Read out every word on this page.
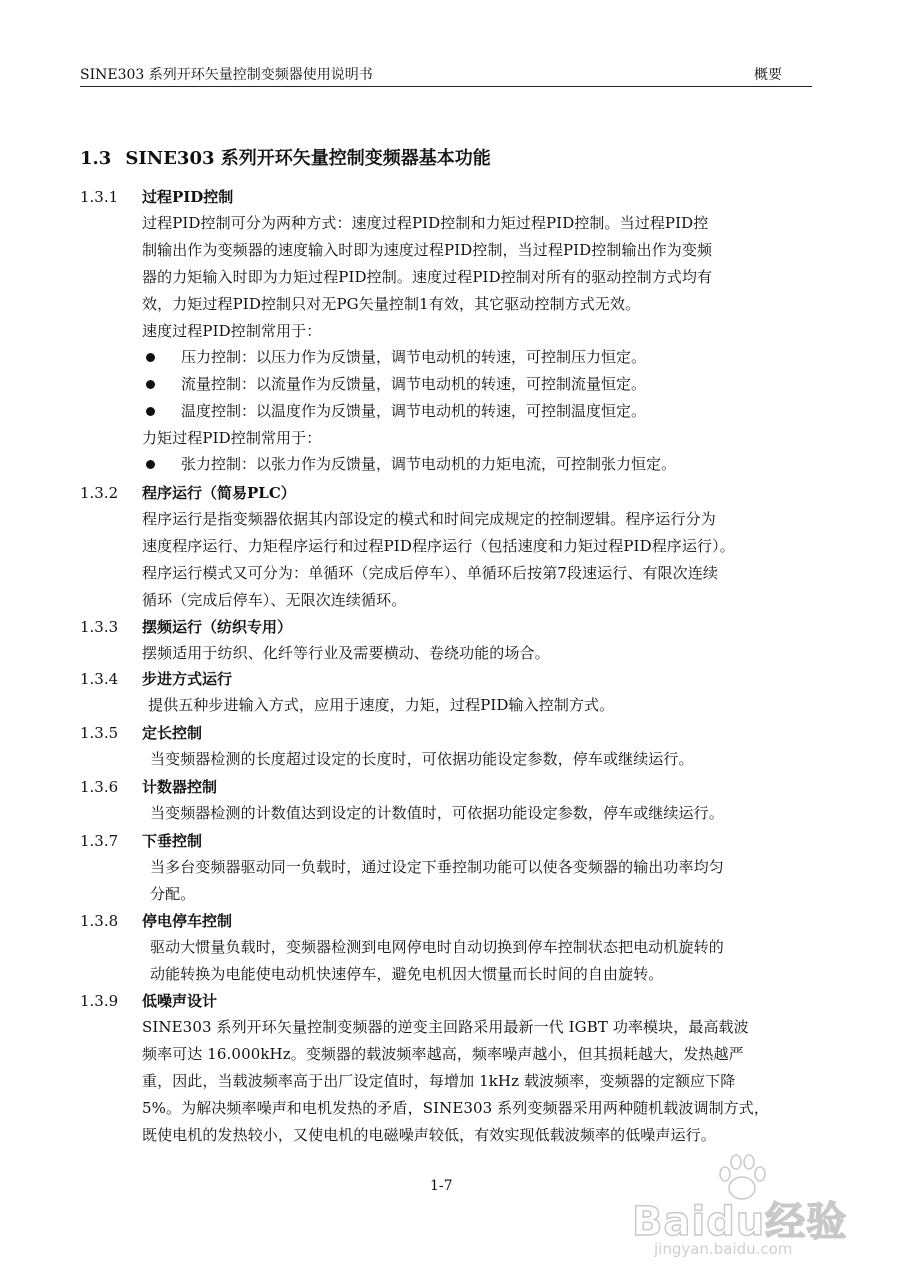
SINE303 系列开环矢量控制变频器使用说明书	概要
1.3 SINE303 系列开环矢量控制变频器基本功能
1.3.1 过程PID控制
过程PID控制可分为两种方式：速度过程PID控制和力矩过程PID控制。当过程PID控
制输出作为变频器的速度输入时即为速度过程PID控制，当过程PID控制输出作为变频
器的力矩输入时即为力矩过程PID控制。速度过程PID控制对所有的驱动控制方式均有
效，力矩过程PID控制只对无PG矢量控制1有效，其它驱动控制方式无效。
速度过程PID控制常用于：
压力控制：以压力作为反馈量，调节电动机的转速，可控制压力恒定。
流量控制：以流量作为反馈量，调节电动机的转速，可控制流量恒定。
温度控制：以温度作为反馈量，调节电动机的转速，可控制温度恒定。
力矩过程PID控制常用于：
张力控制：以张力作为反馈量，调节电动机的力矩电流，可控制张力恒定。
1.3.2 程序运行（简易PLC）
程序运行是指变频器依据其内部设定的模式和时间完成规定的控制逻辑。程序运行分为
速度程序运行、力矩程序运行和过程PID程序运行（包括速度和力矩过程PID程序运行）。
程序运行模式又可分为：单循环（完成后停车）、单循环后按第7段速运行、有限次连续
循环（完成后停车）、无限次连续循环。
1.3.3 摆频运行（纺织专用）
摆频适用于纺织、化纤等行业及需要横动、卷绕功能的场合。
1.3.4 步进方式运行
提供五种步进输入方式，应用于速度，力矩，过程PID输入控制方式。
1.3.5 定长控制
当变频器检测的长度超过设定的长度时，可依据功能设定参数，停车或继续运行。
1.3.6 计数器控制
当变频器检测的计数值达到设定的计数值时，可依据功能设定参数，停车或继续运行。
1.3.7 下垂控制
当多台变频器驱动同一负载时，通过设定下垂控制功能可以使各变频器的输出功率均匀
分配。
1.3.8 停电停车控制
驱动大惯量负载时，变频器检测到电网停电时自动切换到停车控制状态把电动机旋转的
动能转换为电能使电动机快速停车，避免电机因大惯量而长时间的自由旋转。
1.3.9 低噪声设计
SINE303 系列开环矢量控制变频器的逆变主回路采用最新一代 IGBT 功率模块，最高载波
频率可达 16.000kHz。变频器的载波频率越高，频率噪声越小，但其损耗越大，发热越严
重，因此，当载波频率高于出厂设定值时，每增加 1kHz 载波频率，变频器的定额应下降
5%。为解决频率噪声和电机发热的矛盾，SINE303 系列变频器采用两种随机载波调制方式，
既使电机的发热较小，又使电机的电磁噪声较低，有效实现低载波频率的低噪声运行。
1-7
Baidu经验
jingyan.baidu.com
